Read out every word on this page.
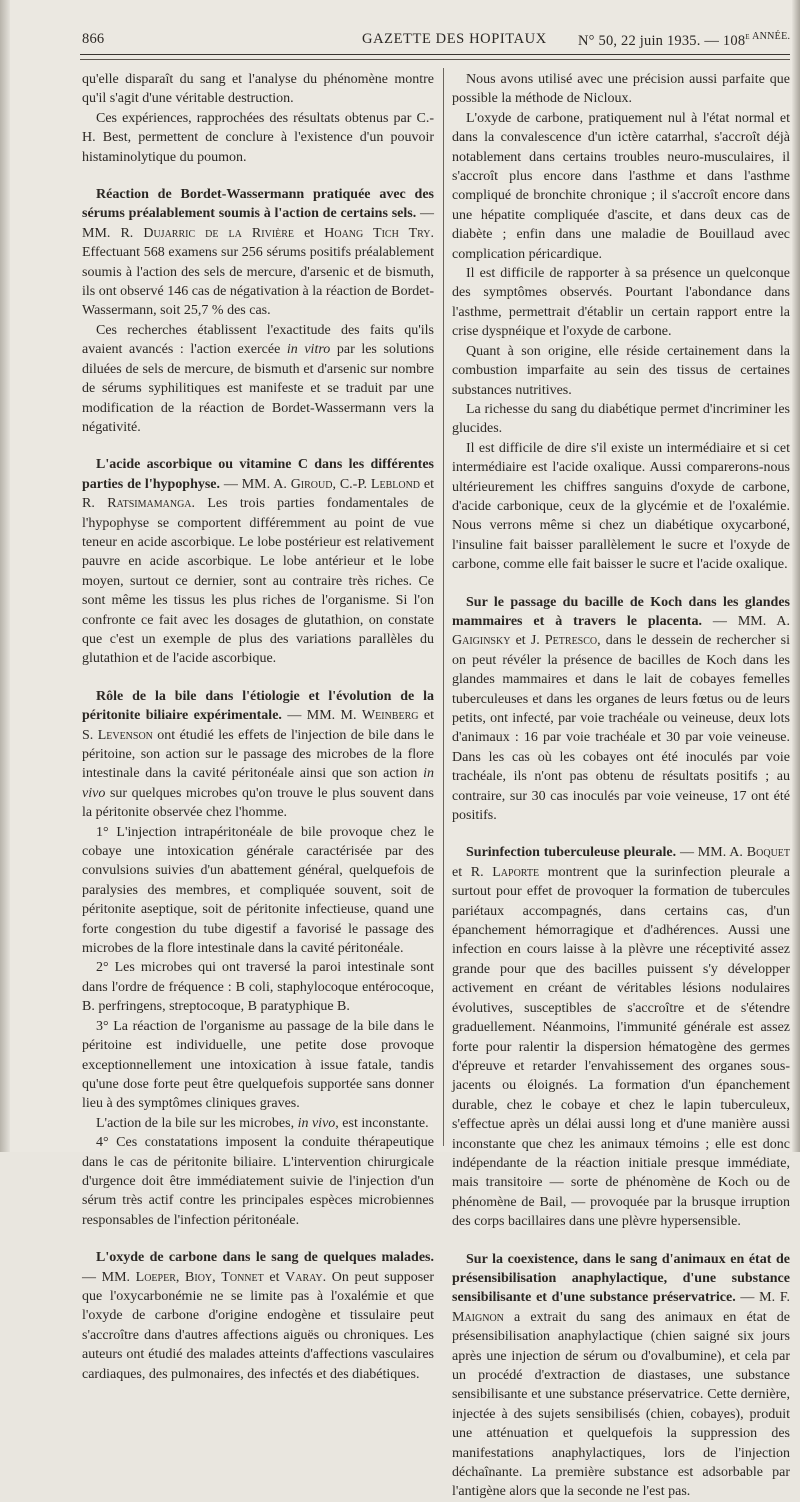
866	GAZETTE DES HOPITAUX N° 50, 22 juin 1935. — $108^{e ANNÉE.}$

qu'elle disparaît du sang et l'analyse du phénomène montre qu'il s'agit d'une véritable destruction.

Ces expériences, rapprochées des résultats obtenus par C.-H. Best, permettent de conclure à l'existence d'un pouvoir histaminolytique du poumon.

Réaction de Bordet-Wassermann pratiquée avec des sérums préalablement soumis à l'action de certains sels. — MM. R. Dujarric de la Rivière et Hoang Tich Try. Effectuant 568 examens sur 256 sérums positifs préalablement soumis à l'action des sels de mercure, d'arsenic et de bismuth, ils ont observé 146 cas de négativation à la réaction de Bordet-Wassermann, soit 25,7 % des cas.

Ces recherches établissent l'exactitude des faits qu'ils avaient avancés : l'action exercée in vitro par les solutions diluées de sels de mercure, de bismuth et d'arsenic sur nombre de sérums syphilitiques est manifeste et se traduit par une modification de la réaction de Bordet-Wassermann vers la négativité.

L'acide ascorbique ou vitamine C dans les différentes parties de l'hypophyse. — MM. A. Giroud, C.-P. Leblond et R. Ratsimamanga. Les trois parties fondamentales de l'hypophyse se comportent différemment au point de vue teneur en acide ascorbique. Le lobe postérieur est relativement pauvre en acide ascorbique. Le lobe antérieur et le lobe moyen, surtout ce dernier, sont au contraire très riches. Ce sont même les tissus les plus riches de l'organisme. Si l'on confronte ce fait avec les dosages de glutathion, on constate que c'est un exemple de plus des variations parallèles du glutathion et de l'acide ascorbique.

Rôle de la bile dans l'étiologie et l'évolution de la péritonite biliaire expérimentale. — MM. M. Weinberg et S. Levenson ont étudié les effets de l'injection de bile dans le péritoine, son action sur le passage des microbes de la flore intestinale dans la cavité péritonéale ainsi que son action in vivo sur quelques microbes qu'on trouve le plus souvent dans la péritonite observée chez l'homme.

1° L'injection intrapéritonéale de bile provoque chez le cobaye une intoxication générale caractérisée par des convulsions suivies d'un abattement général, quelquefois de paralysies des membres, et compliquée souvent, soit de péritonite aseptique, soit de péritonite infectieuse, quand une forte congestion du tube digestif a favorisé le passage des microbes de la flore intestinale dans la cavité péritonéale.

2° Les microbes qui ont traversé la paroi intestinale sont dans l'ordre de fréquence : B coli, staphylocoque entérocoque, B. perfringens, streptocoque, B paratyphique B.

3° La réaction de l'organisme au passage de la bile dans le péritoine est individuelle, une petite dose provoque exceptionnellement une intoxication à issue fatale, tandis qu'une dose forte peut être quelquefois supportée sans donner lieu à des symptômes cliniques graves.

L'action de la bile sur les microbes, in vivo, est inconstante.

4° Ces constatations imposent la conduite thérapeutique dans le cas de péritonite biliaire. L'intervention chirurgicale d'urgence doit être immédiatement suivie de l'injection d'un sérum très actif contre les principales espèces microbiennes responsables de l'infection péritonéale.

L'oxyde de carbone dans le sang de quelques malades. — MM. Loeper, Bioy, Tonnet et Varay. On peut supposer que l'oxycarbonémie ne se limite pas à l'oxalémie et que l'oxyde de carbone d'origine endogène et tissulaire peut s'accroître dans d'autres affections aiguës ou chroniques. Les auteurs ont étudié des malades atteints d'affections vasculaires cardiaques, des pulmonaires, des infectés et des diabétiques.

Nous avons utilisé avec une précision aussi parfaite que possible la méthode de Nicloux.

L'oxyde de carbone, pratiquement nul à l'état normal et dans la convalescence d'un ictère catarrhal, s'accroît déjà notablement dans certains troubles neuro-musculaires, il s'accroît plus encore dans l'asthme et dans l'asthme compliqué de bronchite chronique ; il s'accroît encore dans une hépatite compliquée d'ascite, et dans deux cas de diabète ; enfin dans une maladie de Bouillaud avec complication péricardique.

Il est difficile de rapporter à sa présence un quelconque des symptômes observés. Pourtant l'abondance dans l'asthme, permettrait d'établir un certain rapport entre la crise dyspnéique et l'oxyde de carbone.

Quant à son origine, elle réside certainement dans la combustion imparfaite au sein des tissus de certaines substances nutritives.

La richesse du sang du diabétique permet d'incriminer les glucides.

Il est difficile de dire s'il existe un intermédiaire et si cet intermédiaire est l'acide oxalique. Aussi comparerons-nous ultérieurement les chiffres sanguins d'oxyde de carbone, d'acide carbonique, ceux de la glycémie et de l'oxalémie. Nous verrons même si chez un diabétique oxycarboné, l'insuline fait baisser parallèlement le sucre et l'oxyde de carbone, comme elle fait baisser le sucre et l'acide oxalique.

Sur le passage du bacille de Koch dans les glandes mammaires et à travers le placenta. — MM. A. Gaiginsky et J. Petresco, dans le dessein de rechercher si on peut révéler la présence de bacilles de Koch dans les glandes mammaires et dans le lait de cobayes femelles tuberculeuses et dans les organes de leurs fœtus ou de leurs petits, ont infecté, par voie trachéale ou veineuse, deux lots d'animaux : 16 par voie trachéale et 30 par voie veineuse. Dans les cas où les cobayes ont été inoculés par voie trachéale, ils n'ont pas obtenu de résultats positifs ; au contraire, sur 30 cas inoculés par voie veineuse, 17 ont été positifs.

Surinfection tuberculeuse pleurale. — MM. A. Boquet et R. Laporte montrent que la surinfection pleurale a surtout pour effet de provoquer la formation de tubercules pariétaux accompagnés, dans certains cas, d'un épanchement hémorragique et d'adhérences. Aussi une infection en cours laisse à la plèvre une réceptivité assez grande pour que des bacilles puissent s'y développer activement en créant de véritables lésions nodulaires évolutives, susceptibles de s'accroître et de s'étendre graduellement. Néanmoins, l'immunité générale est assez forte pour ralentir la dispersion hématogène des germes d'épreuve et retarder l'envahissement des organes sous-jacents ou éloignés. La formation d'un épanchement durable, chez le cobaye et chez le lapin tuberculeux, s'effectue après un délai aussi long et d'une manière aussi inconstante que chez les animaux témoins ; elle est donc indépendante de la réaction initiale presque immédiate, mais transitoire — sorte de phénomène de Koch ou de phénomène de Bail, — provoquée par la brusque irruption des corps bacillaires dans une plèvre hypersensible.

Sur la coexistence, dans le sang d'animaux en état de présensibilisation anaphylactique, d'une substance sensibilisante et d'une substance préservatrice. — M. F. Maignon a extrait du sang des animaux en état de présensibilisation anaphylactique (chien saigné six jours après une injection de sérum ou d'ovalbumine), et cela par un procédé d'extraction de diastases, une substance sensibilisante et une substance préservatrice. Cette dernière, injectée à des sujets sensibilisés (chien, cobayes), produit une atténuation et quelquefois la suppression des manifestations anaphylactiques, lors de l'injection déchaînante. La première substance est adsorbable par l'antigène alors que la seconde ne l'est pas.
